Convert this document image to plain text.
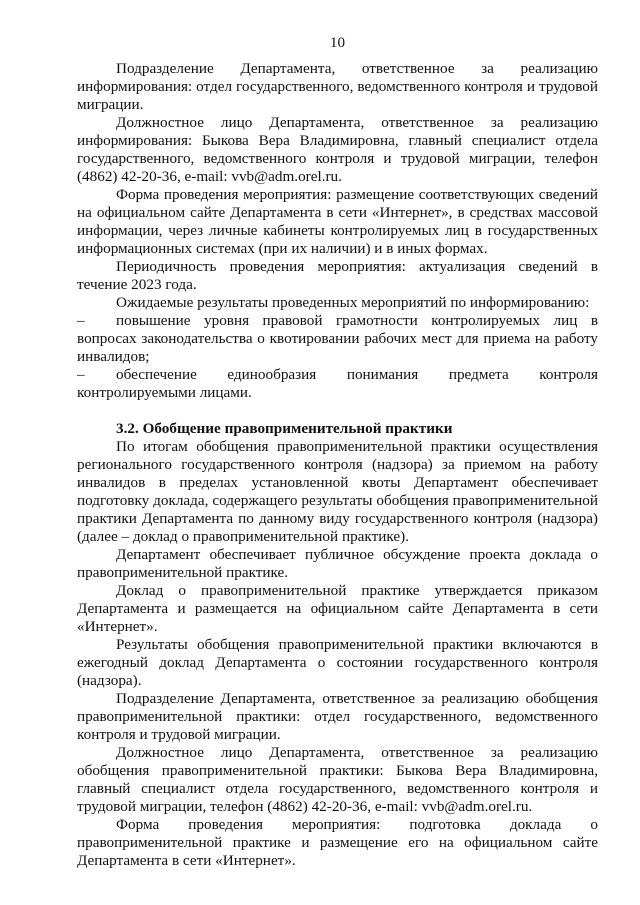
10

Подразделение Департамента, ответственное за реализацию информирования: отдел государственного, ведомственного контроля и трудовой миграции.

Должностное лицо Департамента, ответственное за реализацию информирования: Быкова Вера Владимировна, главный специалист отдела государственного, ведомственного контроля и трудовой миграции, телефон (4862) 42-20-36, e-mail: vvb@adm.orel.ru.

Форма проведения мероприятия: размещение соответствующих сведений на официальном сайте Департамента в сети «Интернет», в средствах массовой информации, через личные кабинеты контролируемых лиц в государственных информационных системах (при их наличии) и в иных формах.

Периодичность проведения мероприятия: актуализация сведений в течение 2023 года.

Ожидаемые результаты проведенных мероприятий по информированию:

– повышение уровня правовой грамотности контролируемых лиц в вопросах законодательства о квотировании рабочих мест для приема на работу инвалидов;

– обеспечение единообразия понимания предмета контроля контролируемыми лицами.

3.2. Обобщение правоприменительной практики

По итогам обобщения правоприменительной практики осуществления регионального государственного контроля (надзора) за приемом на работу инвалидов в пределах установленной квоты Департамент обеспечивает подготовку доклада, содержащего результаты обобщения правоприменительной практики Департамента по данному виду государственного контроля (надзора) (далее – доклад о правоприменительной практике).

Департамент обеспечивает публичное обсуждение проекта доклада о правоприменительной практике.

Доклад о правоприменительной практике утверждается приказом Департамента и размещается на официальном сайте Департамента в сети «Интернет».

Результаты обобщения правоприменительной практики включаются в ежегодный доклад Департамента о состоянии государственного контроля (надзора).

Подразделение Департамента, ответственное за реализацию обобщения правоприменительной практики: отдел государственного, ведомственного контроля и трудовой миграции.

Должностное лицо Департамента, ответственное за реализацию обобщения правоприменительной практики: Быкова Вера Владимировна, главный специалист отдела государственного, ведомственного контроля и трудовой миграции, телефон (4862) 42-20-36, e-mail: vvb@adm.orel.ru.

Форма проведения мероприятия: подготовка доклада о правоприменительной практике и размещение его на официальном сайте Департамента в сети «Интернет».
